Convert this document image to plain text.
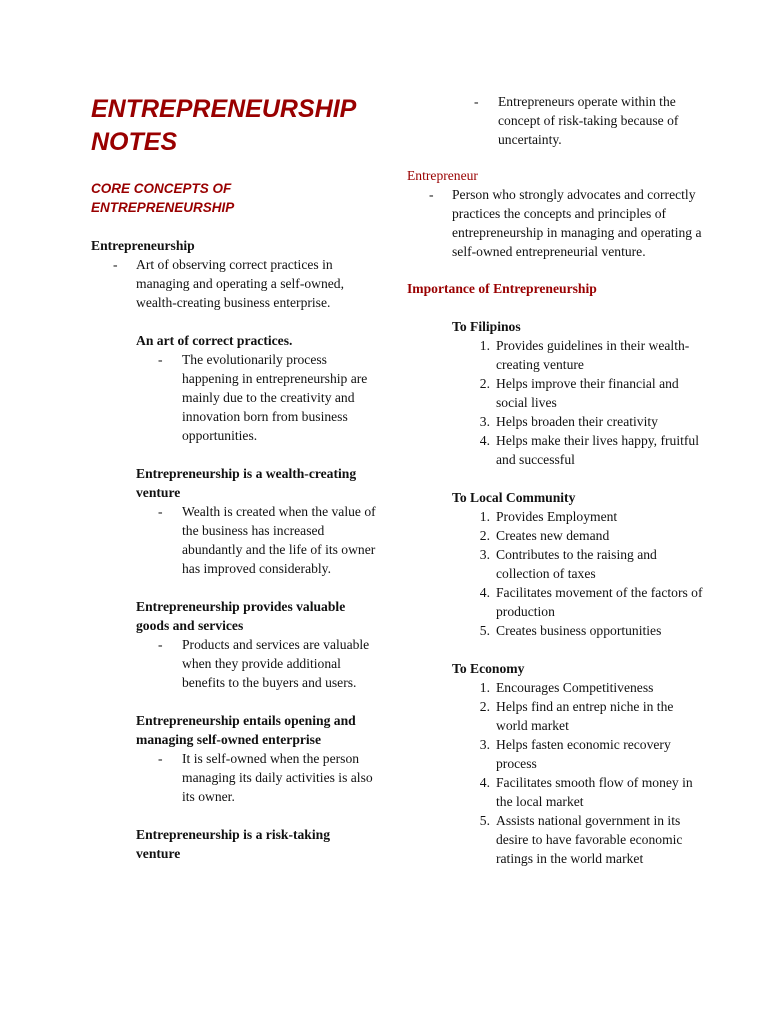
ENTREPRENEURSHIP
NOTES
CORE CONCEPTS OF ENTREPRENEURSHIP
Entrepreneurship
-	Art of observing correct practices in managing and operating a self-owned, wealth-creating business enterprise.
An art of correct practices.
-	The evolutionarily process happening in entrepreneurship are mainly due to the creativity and innovation born from business opportunities.
Entrepreneurship is a wealth-creating venture
-	Wealth is created when the value of the business has increased abundantly and the life of its owner has improved considerably.
Entrepreneurship provides valuable goods and services
-	Products and services are valuable when they provide additional benefits to the buyers and users.
Entrepreneurship entails opening and managing self-owned enterprise
-	It is self-owned when the person managing its daily activities is also its owner.
Entrepreneurship is a risk-taking venture
-	Entrepreneurs operate within the concept of risk-taking because of uncertainty.
Entrepreneur
-	Person who strongly advocates and correctly practices the concepts and principles of entrepreneurship in managing and operating a self-owned entrepreneurial venture.
Importance of Entrepreneurship
To Filipinos
1. Provides guidelines in their wealth-creating venture
2. Helps improve their financial and social lives
3. Helps broaden their creativity
4. Helps make their lives happy, fruitful and successful
To Local Community
1. Provides Employment
2. Creates new demand
3. Contributes to the raising and collection of taxes
4. Facilitates movement of the factors of production
5. Creates business opportunities
To Economy
1. Encourages Competitiveness
2. Helps find an entrep niche in the world market
3. Helps fasten economic recovery process
4. Facilitates smooth flow of money in the local market
5. Assists national government in its desire to have favorable economic ratings in the world market
